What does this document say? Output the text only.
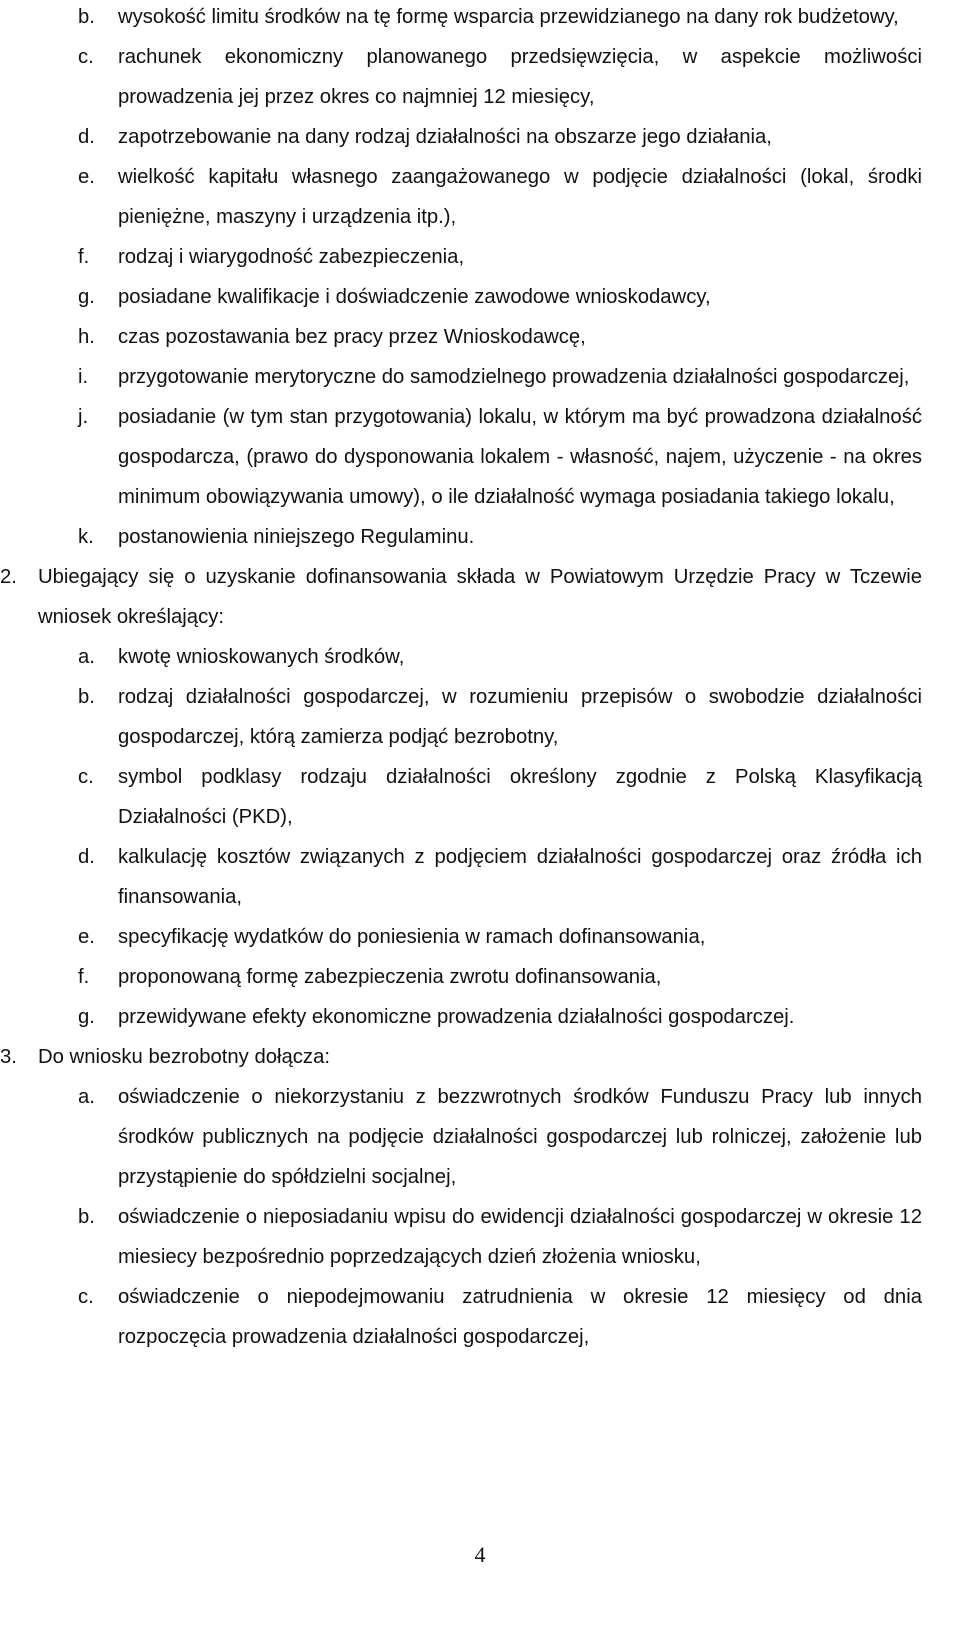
b.	wysokość limitu środków na tę formę wsparcia przewidzianego na dany rok budżetowy,
c.	rachunek ekonomiczny planowanego przedsięwzięcia, w aspekcie możliwości prowadzenia jej przez okres co najmniej 12 miesięcy,
d.	zapotrzebowanie na dany rodzaj działalności na obszarze jego działania,
e.	wielkość kapitału własnego zaangażowanego w podjęcie działalności (lokal, środki pieniężne, maszyny i urządzenia itp.),
f.	rodzaj i wiarygodność zabezpieczenia,
g.	posiadane kwalifikacje i doświadczenie zawodowe wnioskodawcy,
h.	czas pozostawania bez pracy przez Wnioskodawcę,
i.	przygotowanie merytoryczne do samodzielnego prowadzenia działalności gospodarczej,
j.	posiadanie (w tym stan przygotowania) lokalu, w którym ma być prowadzona działalność gospodarcza, (prawo do dysponowania lokalem - własność, najem, użyczenie - na okres minimum obowiązywania umowy), o ile działalność wymaga posiadania takiego lokalu,
k.	postanowienia niniejszego Regulaminu.
2.	Ubiegający się o uzyskanie dofinansowania składa w Powiatowym Urzędzie Pracy w Tczewie wniosek określający:
a.	kwotę wnioskowanych środków,
b.	rodzaj działalności gospodarczej, w rozumieniu przepisów o swobodzie działalności gospodarczej, którą zamierza podjąć bezrobotny,
c.	symbol podklasy rodzaju działalności określony zgodnie z Polską Klasyfikacją Działalności (PKD),
d.	kalkulację kosztów związanych z podjęciem działalności gospodarczej oraz źródła ich finansowania,
e.	specyfikację wydatków do poniesienia w ramach dofinansowania,
f.	proponowaną formę zabezpieczenia zwrotu dofinansowania,
g.	przewidywane efekty ekonomiczne prowadzenia działalności gospodarczej.
3.	Do wniosku bezrobotny dołącza:
a.	oświadczenie o niekorzystaniu z bezzwrotnych środków Funduszu Pracy lub innych środków publicznych na podjęcie działalności gospodarczej lub rolniczej, założenie lub przystąpienie do spółdzielni socjalnej,
b.	oświadczenie o nieposiadaniu wpisu do ewidencji działalności gospodarczej w okresie 12 miesiecy bezpośrednio poprzedzających dzień złożenia wniosku,
c.	oświadczenie o niepodejmowaniu zatrudnienia w okresie 12 miesięcy od dnia rozpoczęcia prowadzenia działalności gospodarczej,
4
